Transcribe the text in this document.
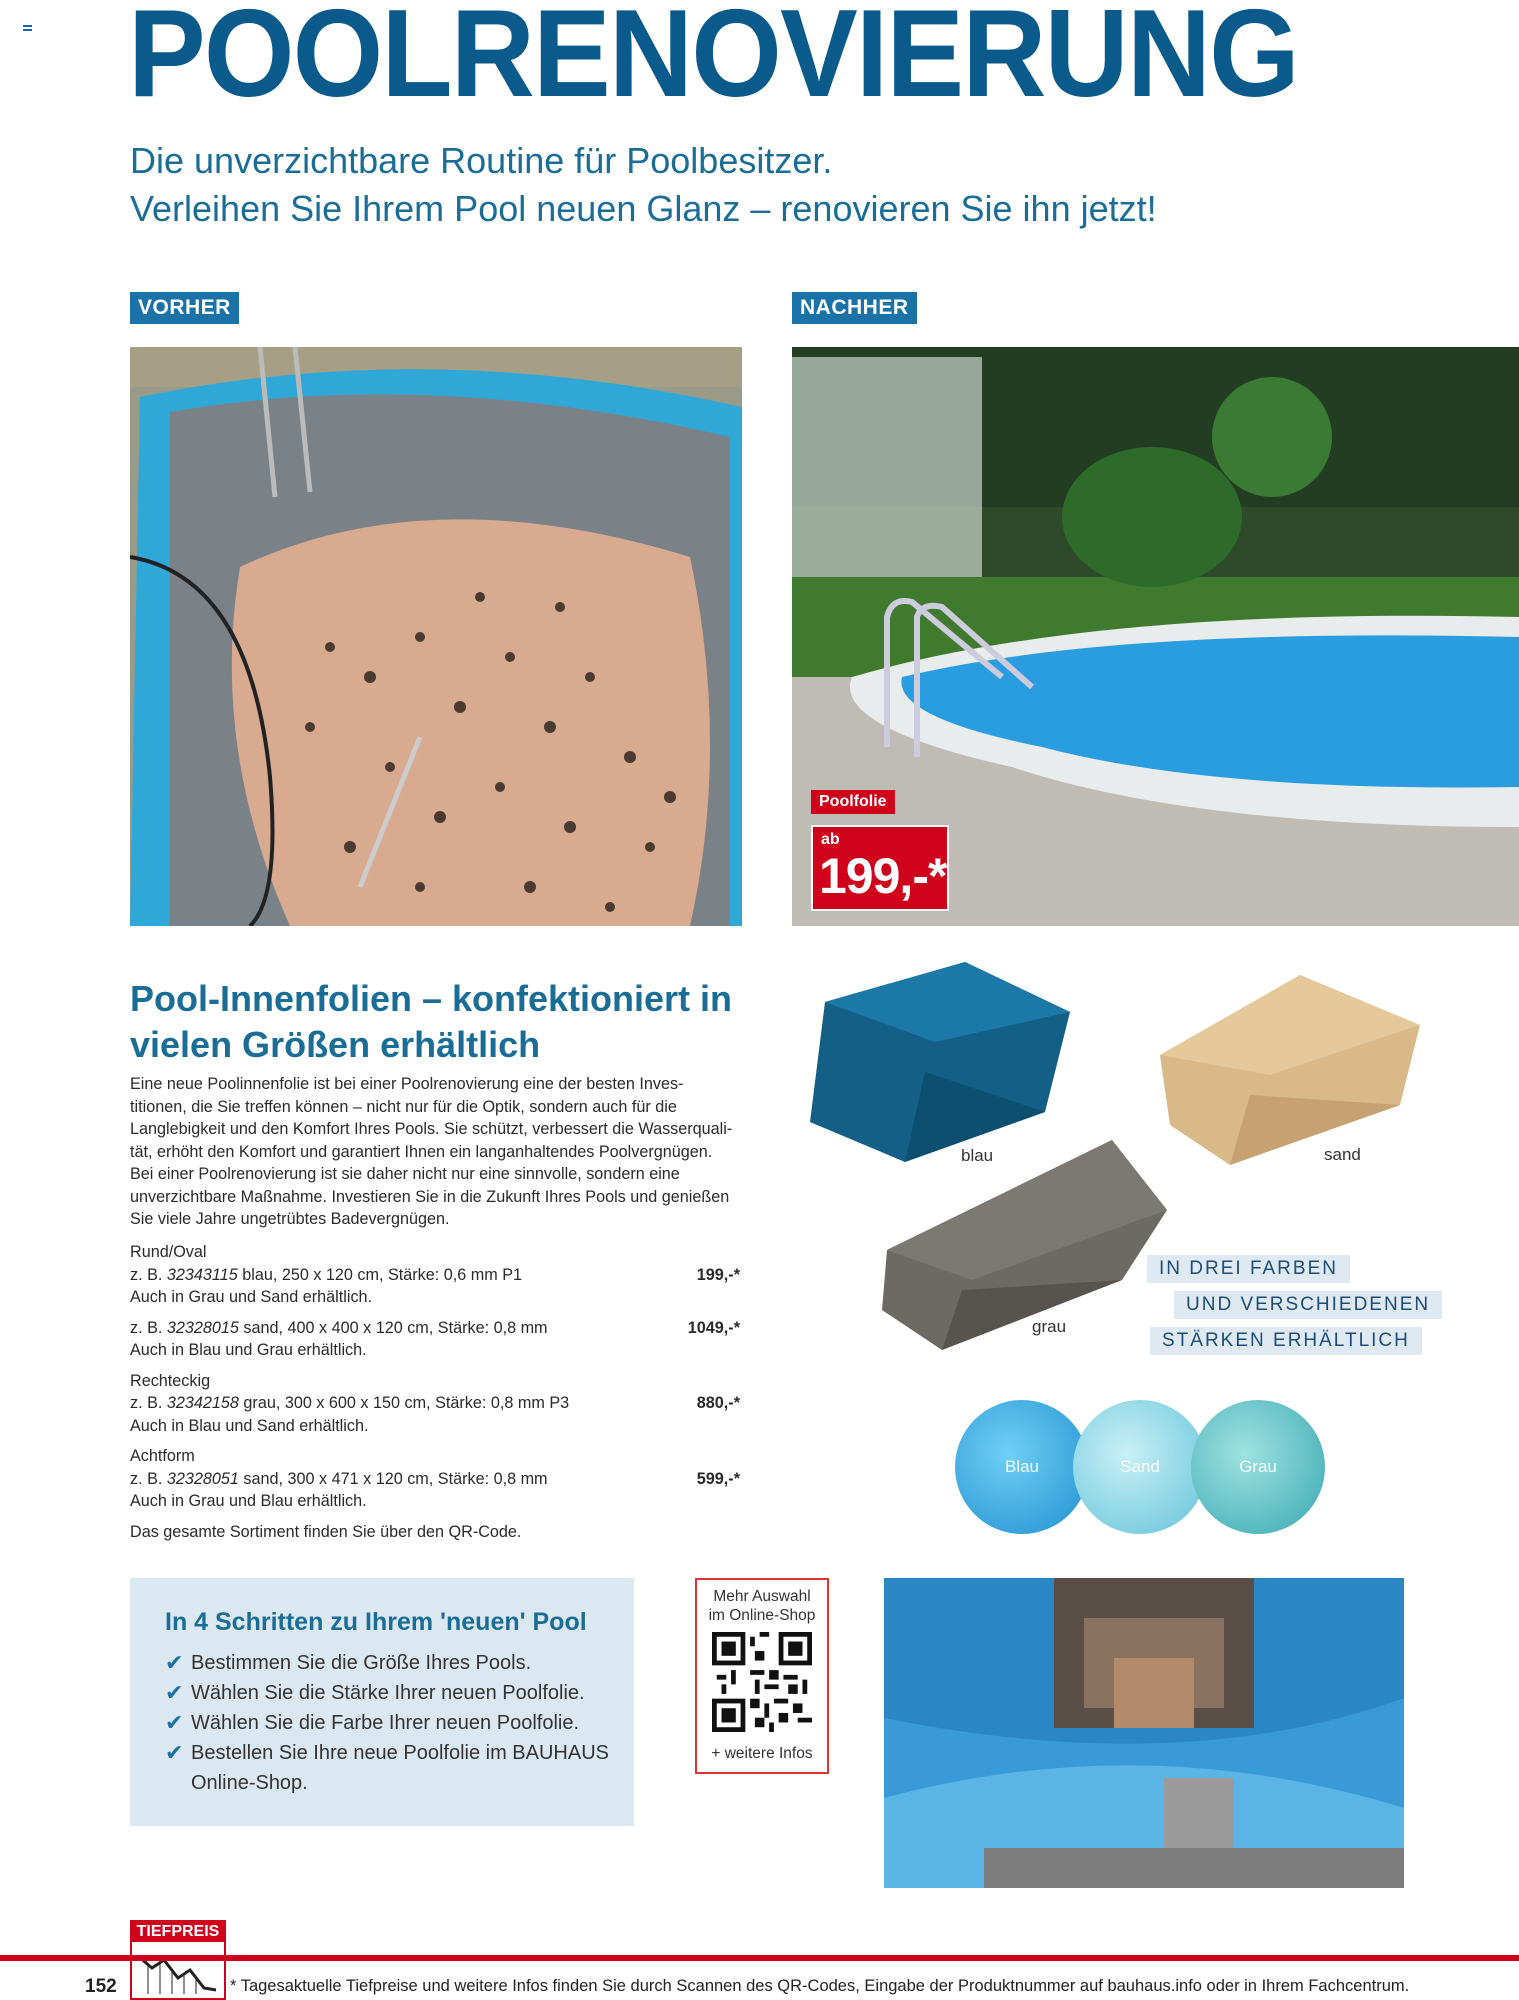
POOLRENOVIERUNG
Die unverzichtbare Routine für Poolbesitzer.
Verleihen Sie Ihrem Pool neuen Glanz – renovieren Sie ihn jetzt!
VORHER	NACHHER
Poolfolie
ab
199,-*
Pool-Innenfolien – konfektioniert in
vielen Größen erhältlich
Eine neue Poolinnenfolie ist bei einer Poolrenovierung eine der besten Inves-
titionen, die Sie treffen können – nicht nur für die Optik, sondern auch für die
Langlebigkeit und den Komfort Ihres Pools. Sie schützt, verbessert die Wasserquali-
tät, erhöht den Komfort und garantiert Ihnen ein langanhaltendes Poolvergnügen.
Bei einer Poolrenovierung ist sie daher nicht nur eine sinnvolle, sondern eine
unverzichtbare Maßnahme. Investieren Sie in die Zukunft Ihres Pools und genießen
Sie viele Jahre ungetrübtes Badevergnügen.
Rund/Oval
z. B. 32343115 blau, 250 x 120 cm, Stärke: 0,6 mm P1	199,-*
Auch in Grau und Sand erhältlich.
z. B. 32328015 sand, 400 x 400 x 120 cm, Stärke: 0,8 mm	1049,-*
Auch in Blau und Grau erhältlich.
Rechteckig
z. B. 32342158 grau, 300 x 600 x 150 cm, Stärke: 0,8 mm P3	880,-*
Auch in Blau und Sand erhältlich.
Achtform
z. B. 32328051 sand, 300 x 471 x 120 cm, Stärke: 0,8 mm	599,-*
Auch in Grau und Blau erhältlich.
Das gesamte Sortiment finden Sie über den QR-Code.
blau	sand
grau
IN DREI FARBEN
UND VERSCHIEDENEN
STÄRKEN ERHÄLTLICH
Blau	Sand	Grau
In 4 Schritten zu Ihrem 'neuen' Pool
✔ Bestimmen Sie die Größe Ihres Pools.
✔ Wählen Sie die Stärke Ihrer neuen Poolfolie.
✔ Wählen Sie die Farbe Ihrer neuen Poolfolie.
✔ Bestellen Sie Ihre neue Poolfolie im BAUHAUS Online-Shop.
Mehr Auswahl
im Online-Shop
+ weitere Infos
TIEFPREIS
152	* Tagesaktuelle Tiefpreise und weitere Infos finden Sie durch Scannen des QR-Codes, Eingabe der Produktnummer auf bauhaus.info oder in Ihrem Fachcentrum.
